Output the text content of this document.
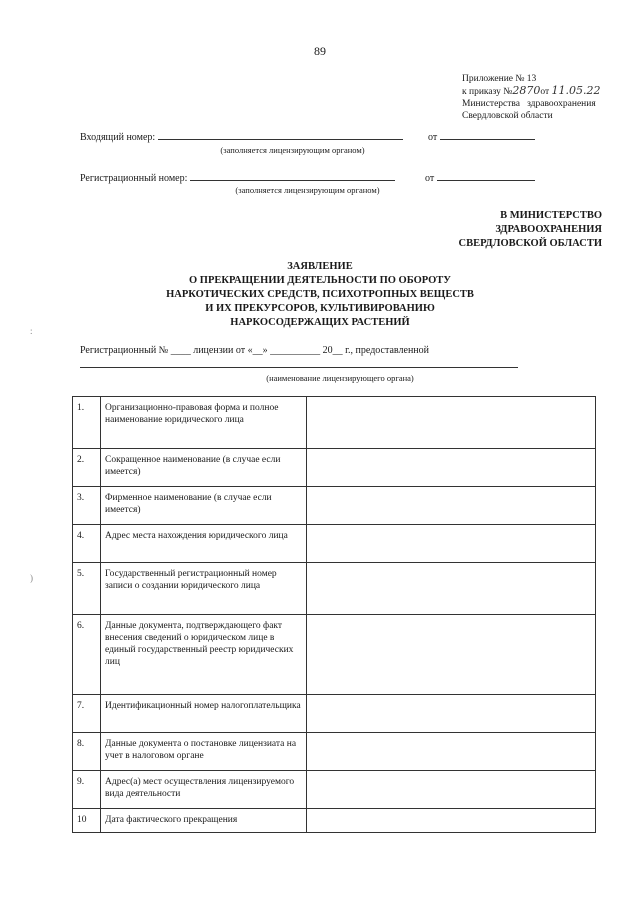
89
Приложение № 13
к приказу №2870от 11.05.22
Министерства   здравоохранения
Свердловской области
Входящий номер:	от
(заполняется лицензирующим органом)
Регистрационный номер:	от
(заполняется лицензирующим органом)
В МИНИСТЕРСТВО
ЗДРАВООХРАНЕНИЯ
СВЕРДЛОВСКОЙ ОБЛАСТИ
ЗАЯВЛЕНИЕ
О ПРЕКРАЩЕНИИ ДЕЯТЕЛЬНОСТИ ПО ОБОРОТУ
НАРКОТИЧЕСКИХ СРЕДСТВ, ПСИХОТРОПНЫХ ВЕЩЕСТВ
И ИХ ПРЕКУРСОРОВ, КУЛЬТИВИРОВАНИЮ
НАРКОСОДЕРЖАЩИХ РАСТЕНИЙ
Регистрационный № ____ лицензии от «__» __________ 20__ г., предоставленной
(наименование лицензирующего органа)
:
)
1.	Организационно-правовая форма и полное наименование юридического лица	
2.	Сокращенное наименование (в случае если имеется)	
3.	Фирменное наименование (в случае если имеется)	
4.	Адрес места нахождения юридического лица	
5.	Государственный регистрационный номер записи о создании юридического лица	
6.	Данные документа, подтверждающего факт внесения сведений о юридическом лице в единый государственный реестр юридических лиц	
7.	Идентификационный номер налогоплательщика	
8.	Данные документа о постановке лицензиата на учет в налоговом органе	
9.	Адрес(а) мест осуществления лицензируемого вида деятельности	
10	Дата фактического прекращения	
